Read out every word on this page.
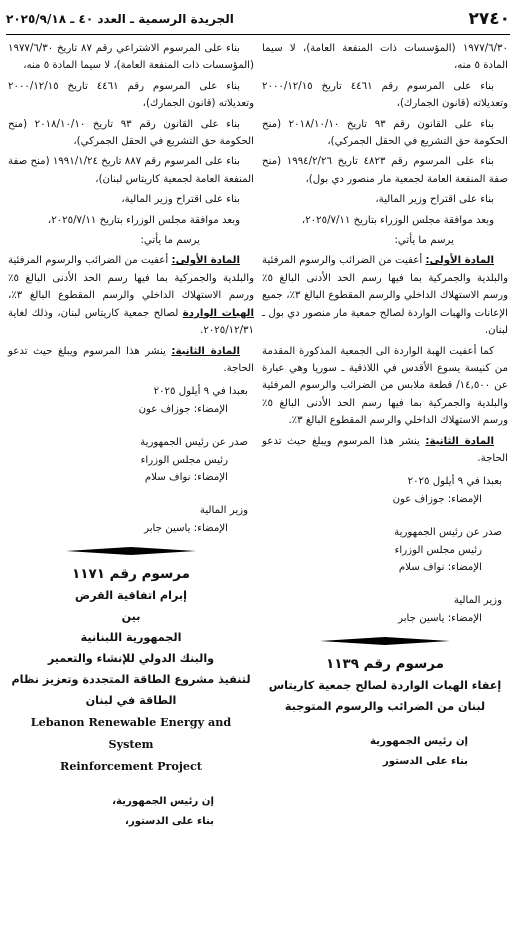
٢٧٤٠
الجريدة الرسمية ـ العدد ٤٠ ـ ٢٠٢٥/٩/١٨

١٩٧٧/٦/٣٠ (المؤسسات ذات المنفعة العامة)، لا سيما المادة ٥ منه،

بناء على المرسوم رقم ٤٤٦١ تاريخ ٢٠٠٠/١٢/١٥ وتعديلاته (قانون الجمارك)،

بناء على القانون رقم ٩٣ تاريخ ٢٠١٨/١٠/١٠ (منح الحكومة حق التشريع في الحقل الجمركي)،

بناء على المرسوم رقم ٤٨٢٣ تاريخ ١٩٩٤/٢/٢٦ (منح صفة المنفعة العامة لجمعية مار منصور دي بول)،

بناء على اقتراح وزير المالية،

وبعد موافقة مجلس الوزراء بتاريخ ٢٠٢٥/٧/١١،

يرسم ما يأتي:

المادة الأولى: أعفيت من الضرائب والرسوم المرفئية والبلدية والجمركية بما فيها رسم الحد الأدنى البالغ ٥٪ ورسم الاستهلاك الداخلي والرسم المقطوع البالغ ٣٪، جميع الإعانات والهبات الواردة لصالح جمعية مار منصور دي بول ـ لبنان.

كما أعفيت الهبة الواردة الى الجمعية المذكورة المقدمة من كنيسة يسوع الأقدس في اللاذقية ـ سوريا وهي عبارة عن ١٤,٥٠٠/ قطعة ملابس من الضرائب والرسوم المرفئية والبلدية والجمركية بما فيها رسم الحد الأدنى البالغ ٥٪ ورسم الاستهلاك الداخلي والرسم المقطوع البالغ ٣٪.

المادة الثانية: ينشر هذا المرسوم ويبلغ حيث تدعو الحاجة.

بعبدا في ٩ أيلول ٢٠٢٥
الإمضاء: جوزاف عون
صدر عن رئيس الجمهورية
رئيس مجلس الوزراء
الإمضاء: نواف سلام
وزير المالية
الإمضاء: ياسين جابر

مرسوم رقم ١١٣٩

إعفاء الهبات الواردة لصالح جمعية كاريتاس

لبنان من الضرائب والرسوم المتوجبة

إن رئيس الجمهورية
بناء على الدستور

بناء على المرسوم الاشتراعي رقم ٨٧ تاريخ ١٩٧٧/٦/٣٠ (المؤسسات ذات المنفعة العامة)، لا سيما المادة ٥ منه،

بناء على المرسوم رقم ٤٤٦١ تاريخ ٢٠٠٠/١٢/١٥ وتعديلاته (قانون الجمارك)،

بناء على القانون رقم ٩٣ تاريخ ٢٠١٨/١٠/١٠ (منح الحكومة حق التشريع في الحقل الجمركي)،

بناء على المرسوم رقم ٨٨٧ تاريخ ١٩٩١/١/٢٤ (منح صفة المنفعة العامة لجمعية كاريتاس لبنان)،

بناء على اقتراح وزير المالية،

وبعد موافقة مجلس الوزراء بتاريخ ٢٠٢٥/٧/١١،

يرسم ما يأتي:

المادة الأولى: أعفيت من الضرائب والرسوم المرفئية والبلدية والجمركية بما فيها رسم الحد الأدنى البالغ ٥٪ ورسم الاستهلاك الداخلي والرسم المقطوع البالغ ٣٪، الهبات الواردة لصالح جمعية كاريتاس لبنان، وذلك لغاية ٢٠٢٥/١٢/٣١.

المادة الثانية: ينشر هذا المرسوم ويبلغ حيث تدعو الحاجة.

بعبدا في ٩ أيلول ٢٠٢٥
الإمضاء: جوزاف عون
صدر عن رئيس الجمهورية
رئيس مجلس الوزراء
الإمضاء: نواف سلام
وزير المالية
الإمضاء: ياسين جابر

مرسوم رقم ١١٧١

إبرام اتفاقية القرض

بين

الجمهورية اللبنانية

والبنك الدولي للإنشاء والتعمير

لتنفيذ مشروع الطاقة المتجددة وتعزيز نظام

الطاقة في لبنان

Lebanon Renewable Energy and System

Reinforcement Project

إن رئيس الجمهورية،
بناء على الدستور،
